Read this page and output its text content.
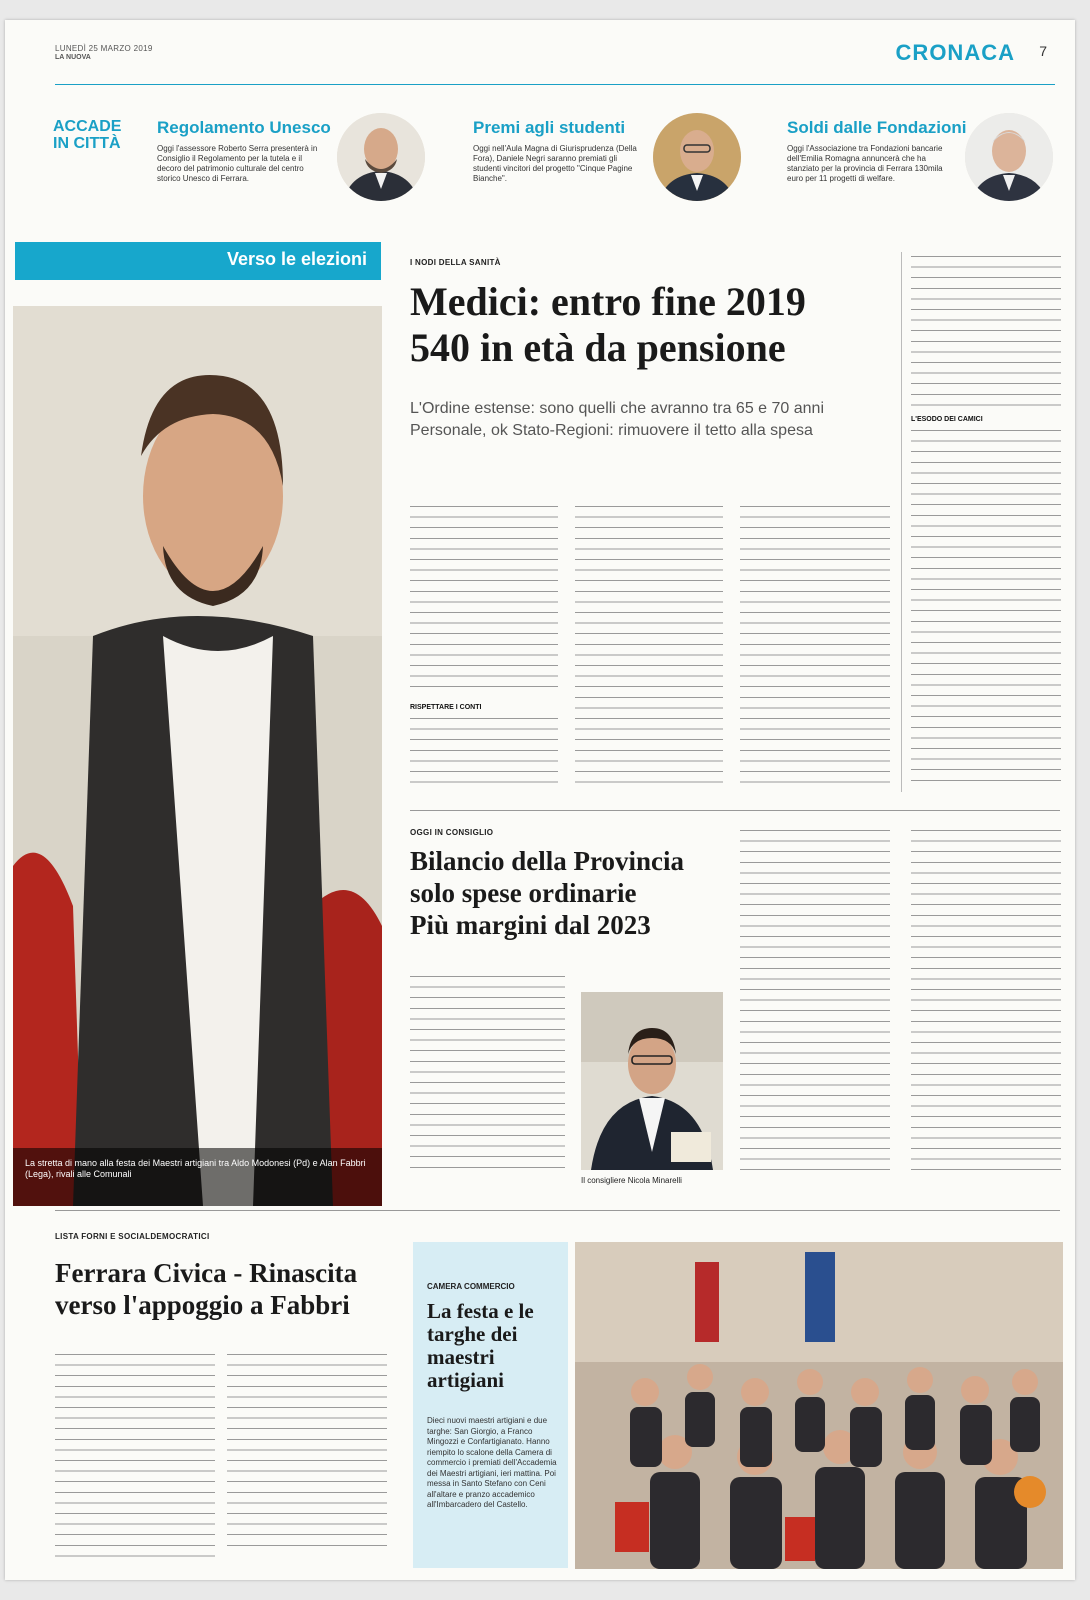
LUNEDÌ 25 MARZO 2019
LA NUOVA	CRONACA 7
ACCADE IN CITTÀ
Regolamento Unesco
Oggi l'assessore Roberto Serra presenterà in Consiglio il Regolamento per la tutela e il decoro del patrimonio culturale del centro storico Unesco di Ferrara.
Premi agli studenti
Oggi nell'Aula Magna di Giurisprudenza (Della Fora), Daniele Negri saranno premiati gli studenti vincitori del progetto "Cinque Pagine Bianche".
Soldi dalle Fondazioni
Oggi l'Associazione tra Fondazioni bancarie dell'Emilia Romagna annuncerà che ha stanziato per la provincia di Ferrara 130mila euro per 11 progetti di welfare.
Verso le elezioni
La stretta di mano alla festa dei Maestri artigiani tra Aldo Modonesi (Pd) e Alan Fabbri (Lega), rivali alle Comunali
I NODI DELLA SANITÀ
Medici: entro fine 2019
540 in età da pensione
L'Ordine estense: sono quelli che avranno tra 65 e 70 anni
Personale, ok Stato-Regioni: rimuovere il tetto alla spesa
L'ESODO DEI CAMICI
RISPETTARE I CONTI
OGGI IN CONSIGLIO
Bilancio della Provincia
solo spese ordinarie
Più margini dal 2023
Il consigliere Nicola Minarelli
LISTA FORNI E SOCIALDEMOCRATICI
Ferrara Civica - Rinascita
verso l'appoggio a Fabbri
CAMERA COMMERCIO
La festa e le targhe dei maestri artigiani
Dieci nuovi maestri artigiani e due targhe: San Giorgio, a Franco Mingozzi e Confartigianato. Hanno riempito lo scalone della Camera di commercio i premiati dell'Accademia dei Maestri artigiani, ieri mattina. Poi messa in Santo Stefano con Ceni all'altare e pranzo accademico all'Imbarcadero del Castello.
